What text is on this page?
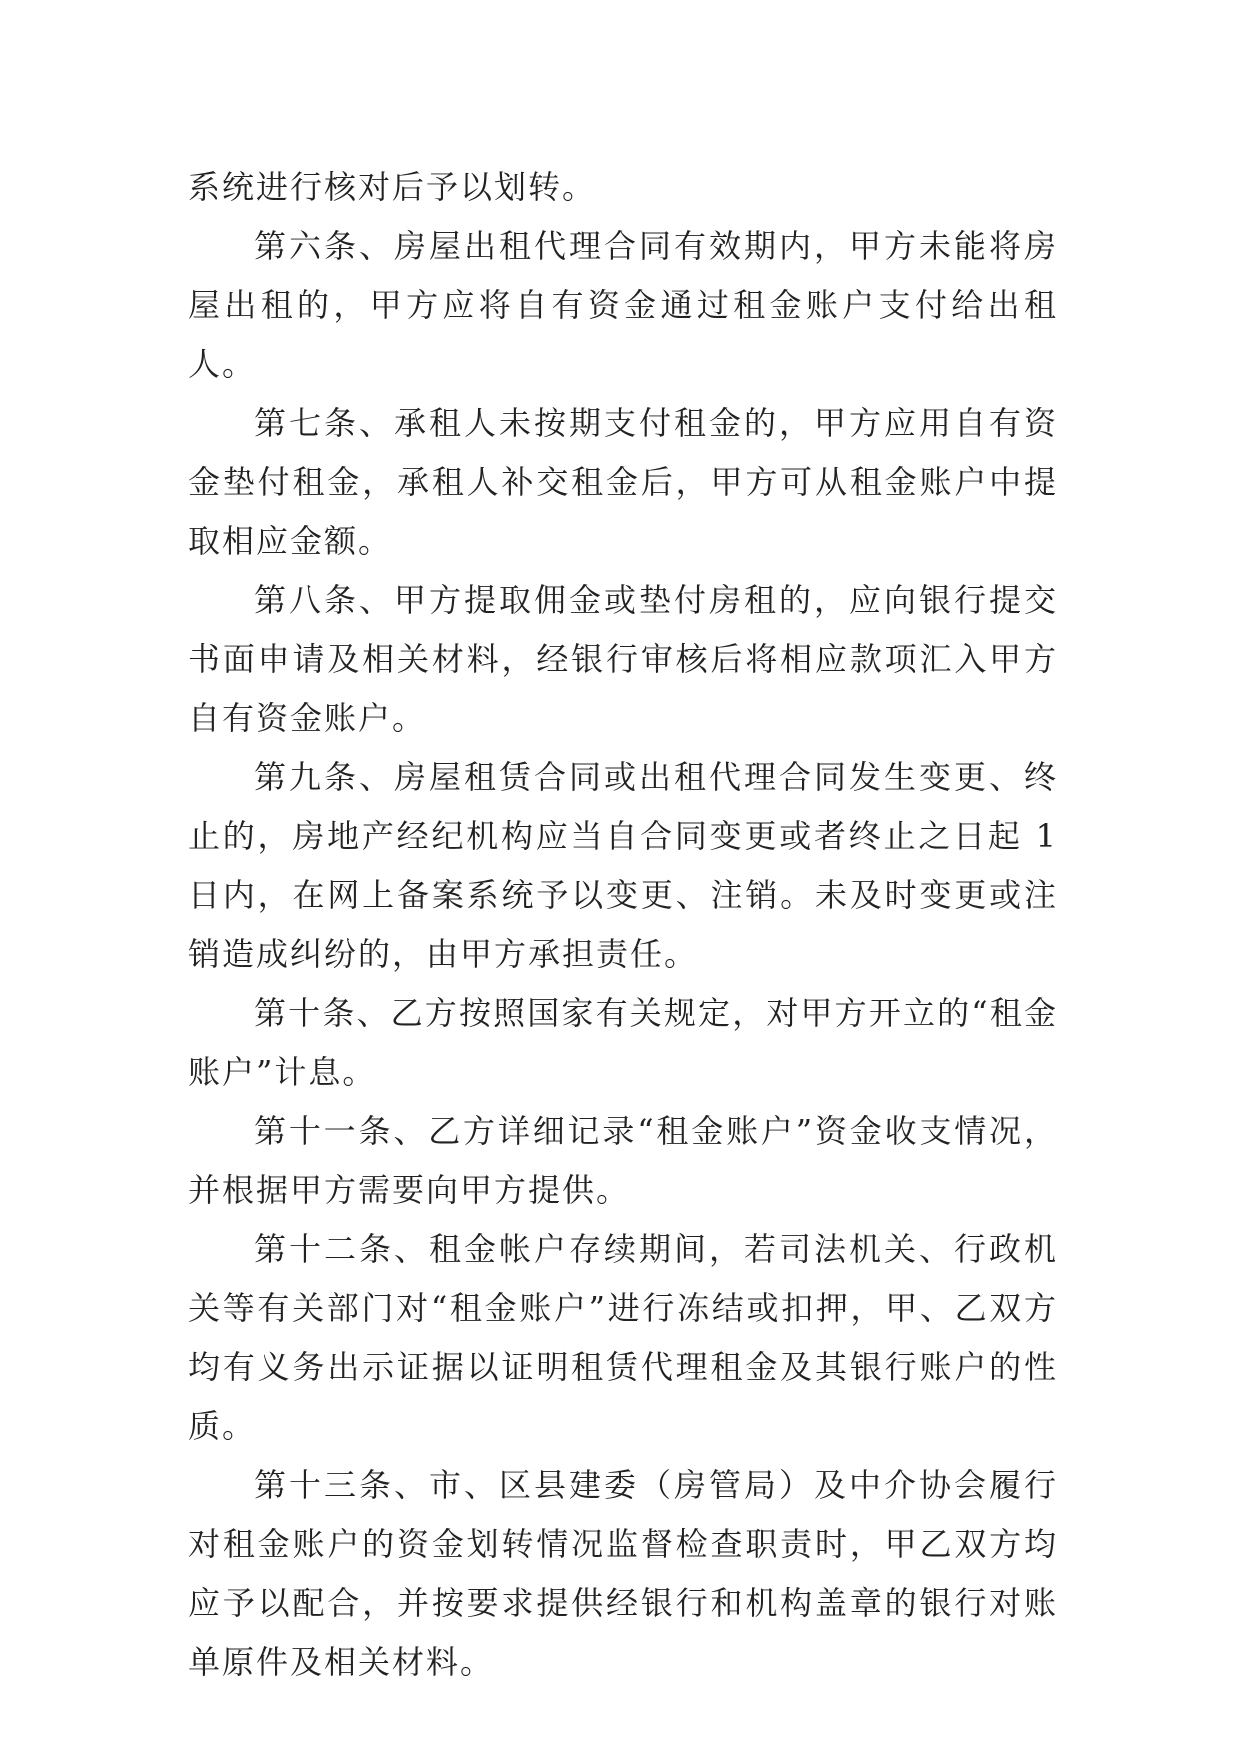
系统进行核对后予以划转。

第六条、房屋出租代理合同有效期内，甲方未能将房屋出租的，甲方应将自有资金通过租金账户支付给出租人。

第七条、承租人未按期支付租金的，甲方应用自有资金垫付租金，承租人补交租金后，甲方可从租金账户中提取相应金额。

第八条、甲方提取佣金或垫付房租的，应向银行提交书面申请及相关材料，经银行审核后将相应款项汇入甲方自有资金账户。

第九条、房屋租赁合同或出租代理合同发生变更、终止的，房地产经纪机构应当自合同变更或者终止之日起 1 日内，在网上备案系统予以变更、注销。未及时变更或注销造成纠纷的，由甲方承担责任。

第十条、乙方按照国家有关规定，对甲方开立的“租金账户”计息。

第十一条、乙方详细记录“租金账户”资金收支情况，并根据甲方需要向甲方提供。

第十二条、租金帐户存续期间，若司法机关、行政机关等有关部门对“租金账户”进行冻结或扣押，甲、乙双方均有义务出示证据以证明租赁代理租金及其银行账户的性质。

第十三条、市、区县建委（房管局）及中介协会履行对租金账户的资金划转情况监督检查职责时，甲乙双方均应予以配合，并按要求提供经银行和机构盖章的银行对账单原件及相关材料。
